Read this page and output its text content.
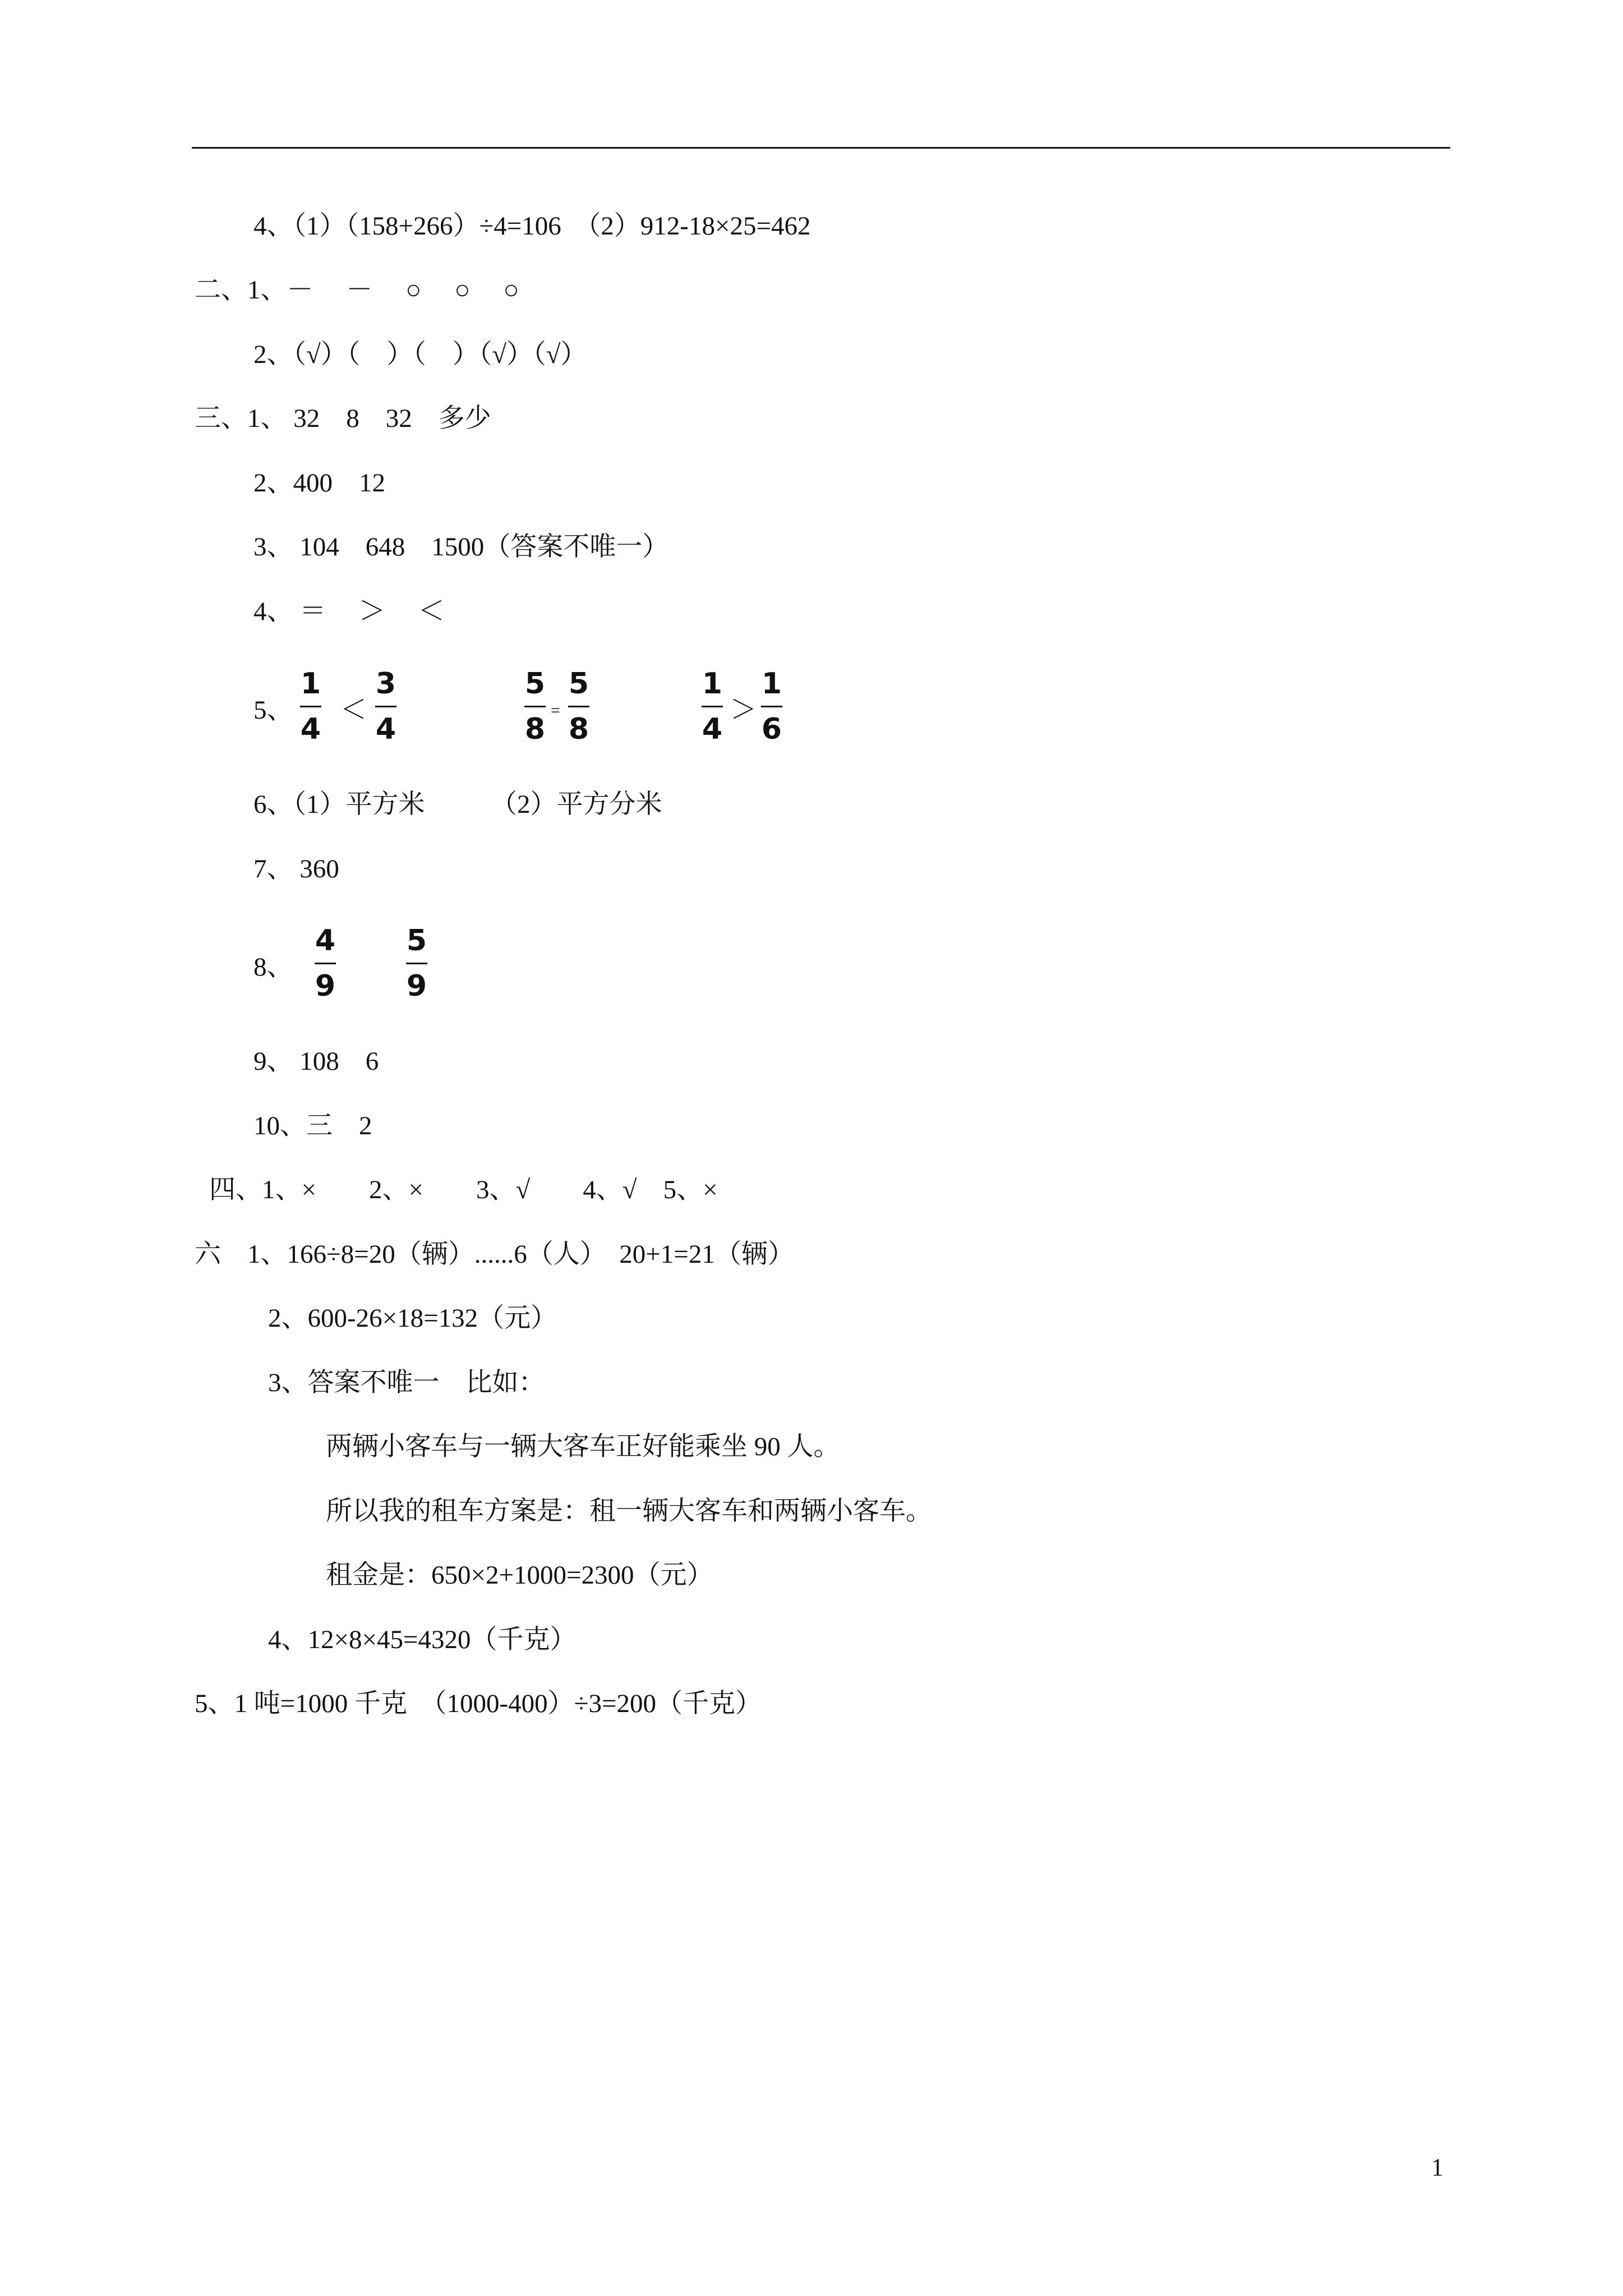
4、（1）（158+266）÷4=106　（2）912-18×25=462
二、1、－　 －　 ○　 ○　 ○
2、（√）（　）（　）（√）（√）
三、1、 32　8　32　多少
2、400　12
3、 104　648　1500（答案不唯一）
4、 ＝　 ＞　 ＜
5、
1
4
＜
3
4
5
8
=
5
8
1
4
＞
1
6
6、（1）平方米　　　（2）平方分米
7、 360
8、
4
9
5
9
9、 108　6
10、三　2
四、1、×　　2、×　　3、√　　4、√　5、×
六　1、166÷8=20（辆）......6（人）　20+1=21（辆）
2、600-26×18=132（元）
3、答案不唯一　比如：
两辆小客车与一辆大客车正好能乘坐 90 人。
所以我的租车方案是：租一辆大客车和两辆小客车。
租金是：650×2+1000=2300（元）
4、12×8×45=4320（千克）
5、1 吨=1000 千克　（1000-400）÷3=200（千克）
1
